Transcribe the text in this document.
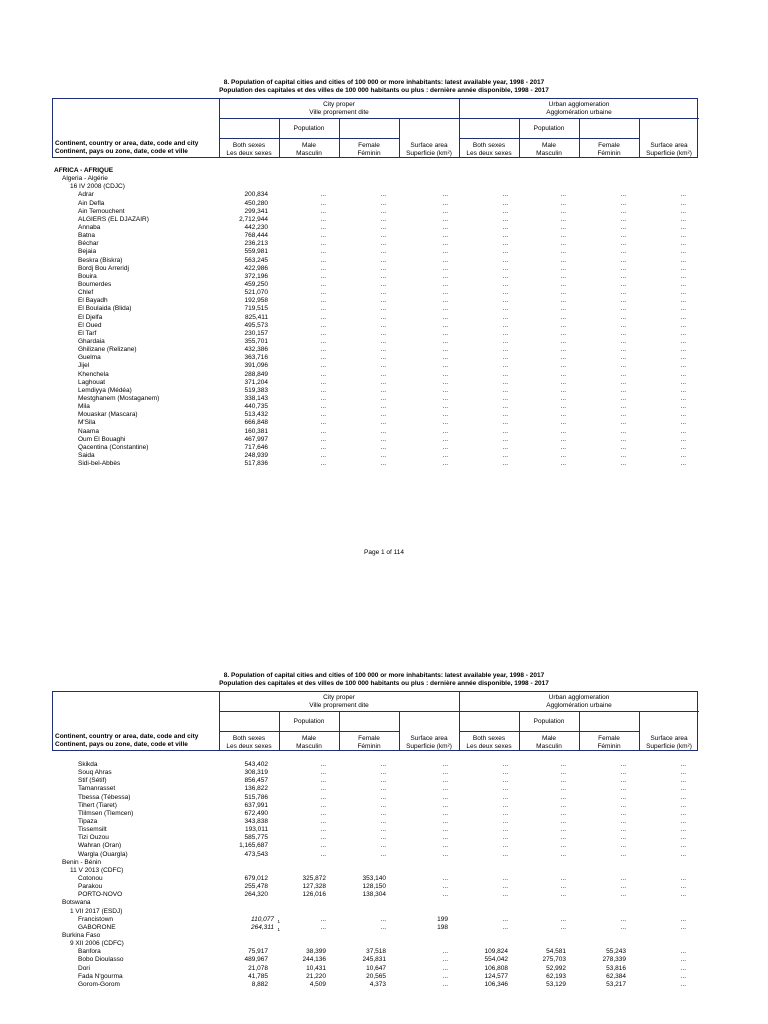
8. Population of capital cities and cities of 100 000 or more inhabitants: latest available year, 1998 - 2017
Population des capitales et des villes de 100 000 habitants ou plus : dernière année disponible, 1998 - 2017
City proper
Ville proprement dite
Urban agglomeration
Agglomération urbaine
Population	Population
Continent, country or area, date, code and city
Continent, pays ou zone, date, code et ville
Both sexes
Les deux sexes
Male
Masculin
Female
Féminin
Surface area
Superficie (km²)
Both sexes
Les deux sexes
Male
Masculin
Female
Féminin
Surface area
Superficie (km²)
AFRICA - AFRIQUE
Algeria - Algérie
16 IV 2008 (CDJC)
Adrar	200,834	...	...	...	...	...	...	...
Ain Defla	450,280	...	...	...	...	...	...	...
Ain Temouchent	299,341	...	...	...	...	...	...	...
ALGIERS (EL DJAZAIR)	2,712,944	...	...	...	...	...	...	...
Annaba	442,230	...	...	...	...	...	...	...
Batna	768,444	...	...	...	...	...	...	...
Béchar	236,213	...	...	...	...	...	...	...
Bejaia	559,981	...	...	...	...	...	...	...
Beskra (Biskra)	563,245	...	...	...	...	...	...	...
Bordj Bou Arreridj	422,986	...	...	...	...	...	...	...
Bouira	372,196	...	...	...	...	...	...	...
Boumerdes	459,250	...	...	...	...	...	...	...
Chlef	521,070	...	...	...	...	...	...	...
El Bayadh	192,958	...	...	...	...	...	...	...
El Boulaida (Blida)	719,515	...	...	...	...	...	...	...
El Djelfa	825,411	...	...	...	...	...	...	...
El Oued	495,573	...	...	...	...	...	...	...
El Tarf	230,157	...	...	...	...	...	...	...
Ghardaia	355,701	...	...	...	...	...	...	...
Ghilizane (Relizane)	432,386	...	...	...	...	...	...	...
Guelma	363,716	...	...	...	...	...	...	...
Jijel	391,096	...	...	...	...	...	...	...
Khenchela	288,849	...	...	...	...	...	...	...
Laghouat	371,204	...	...	...	...	...	...	...
Lemdiyya (Médéa)	519,383	...	...	...	...	...	...	...
Mestghanem (Mostaganem)	338,143	...	...	...	...	...	...	...
Mila	440,735	...	...	...	...	...	...	...
Mouaskar (Mascara)	513,432	...	...	...	...	...	...	...
M'Sila	666,848	...	...	...	...	...	...	...
Naama	160,381	...	...	...	...	...	...	...
Oum El Bouaghi	467,997	...	...	...	...	...	...	...
Qacentina (Constantine)	717,646	...	...	...	...	...	...	...
Saida	248,939	...	...	...	...	...	...	...
Sidi-bel-Abbès	517,836	...	...	...	...	...	...	...
Page 1 of 114
8. Population of capital cities and cities of 100 000 or more inhabitants: latest available year, 1998 - 2017
Population des capitales et des villes de 100 000 habitants ou plus : dernière année disponible, 1998 - 2017
City proper
Ville proprement dite
Urban agglomeration
Agglomération urbaine
Population	Population
Continent, country or area, date, code and city
Continent, pays ou zone, date, code et ville
Both sexes
Les deux sexes
Male
Masculin
Female
Féminin
Surface area
Superficie (km²)
Both sexes
Les deux sexes
Male
Masculin
Female
Féminin
Surface area
Superficie (km²)
Skikda	543,402	...	...	...	...	...	...	...
Souq Ahras	308,319	...	...	...	...	...	...	...
Stif (Sétif)	856,457	...	...	...	...	...	...	...
Tamanrasset	136,822	...	...	...	...	...	...	...
Tbessa (Tébessa)	515,786	...	...	...	...	...	...	...
Tihert (Tiaret)	637,991	...	...	...	...	...	...	...
Tlilmsen (Tlemcen)	672,490	...	...	...	...	...	...	...
Tipaza	343,838	...	...	...	...	...	...	...
Tissemsilt	193,011	...	...	...	...	...	...	...
Tizi Ouzou	585,775	...	...	...	...	...	...	...
Wahran (Oran)	1,165,687	...	...	...	...	...	...	...
Wargla (Ouargla)	473,543	...	...	...	...	...	...	...
Benin - Bénin
11 V 2013 (CDFC)
Cotonou	679,012	325,872	353,140	...	...	...	...	...
Parakou	255,478	127,328	128,150	...	...	...	...	...
PORTO-NOVO	264,320	126,016	138,304	...	...	...	...	...
Botswana
1 VII 2017 (ESDJ)
Francistown	110,077 1	...	...	199	...	...	...	...
GABORONE	264,311 1	...	...	198	...	...	...	...
Burkina Faso
9 XII 2006 (CDFC)
Banfora	75,917	38,399	37,518	...	109,824	54,581	55,243	...
Bobo Dioulasso	489,967	244,136	245,831	...	554,042	275,703	278,339	...
Dori	21,078	10,431	10,647	...	106,808	52,992	53,816	...
Fada N'gourma	41,785	21,220	20,565	...	124,577	62,193	62,384	...
Gorom-Gorom	8,882	4,509	4,373	...	106,346	53,129	53,217	...
